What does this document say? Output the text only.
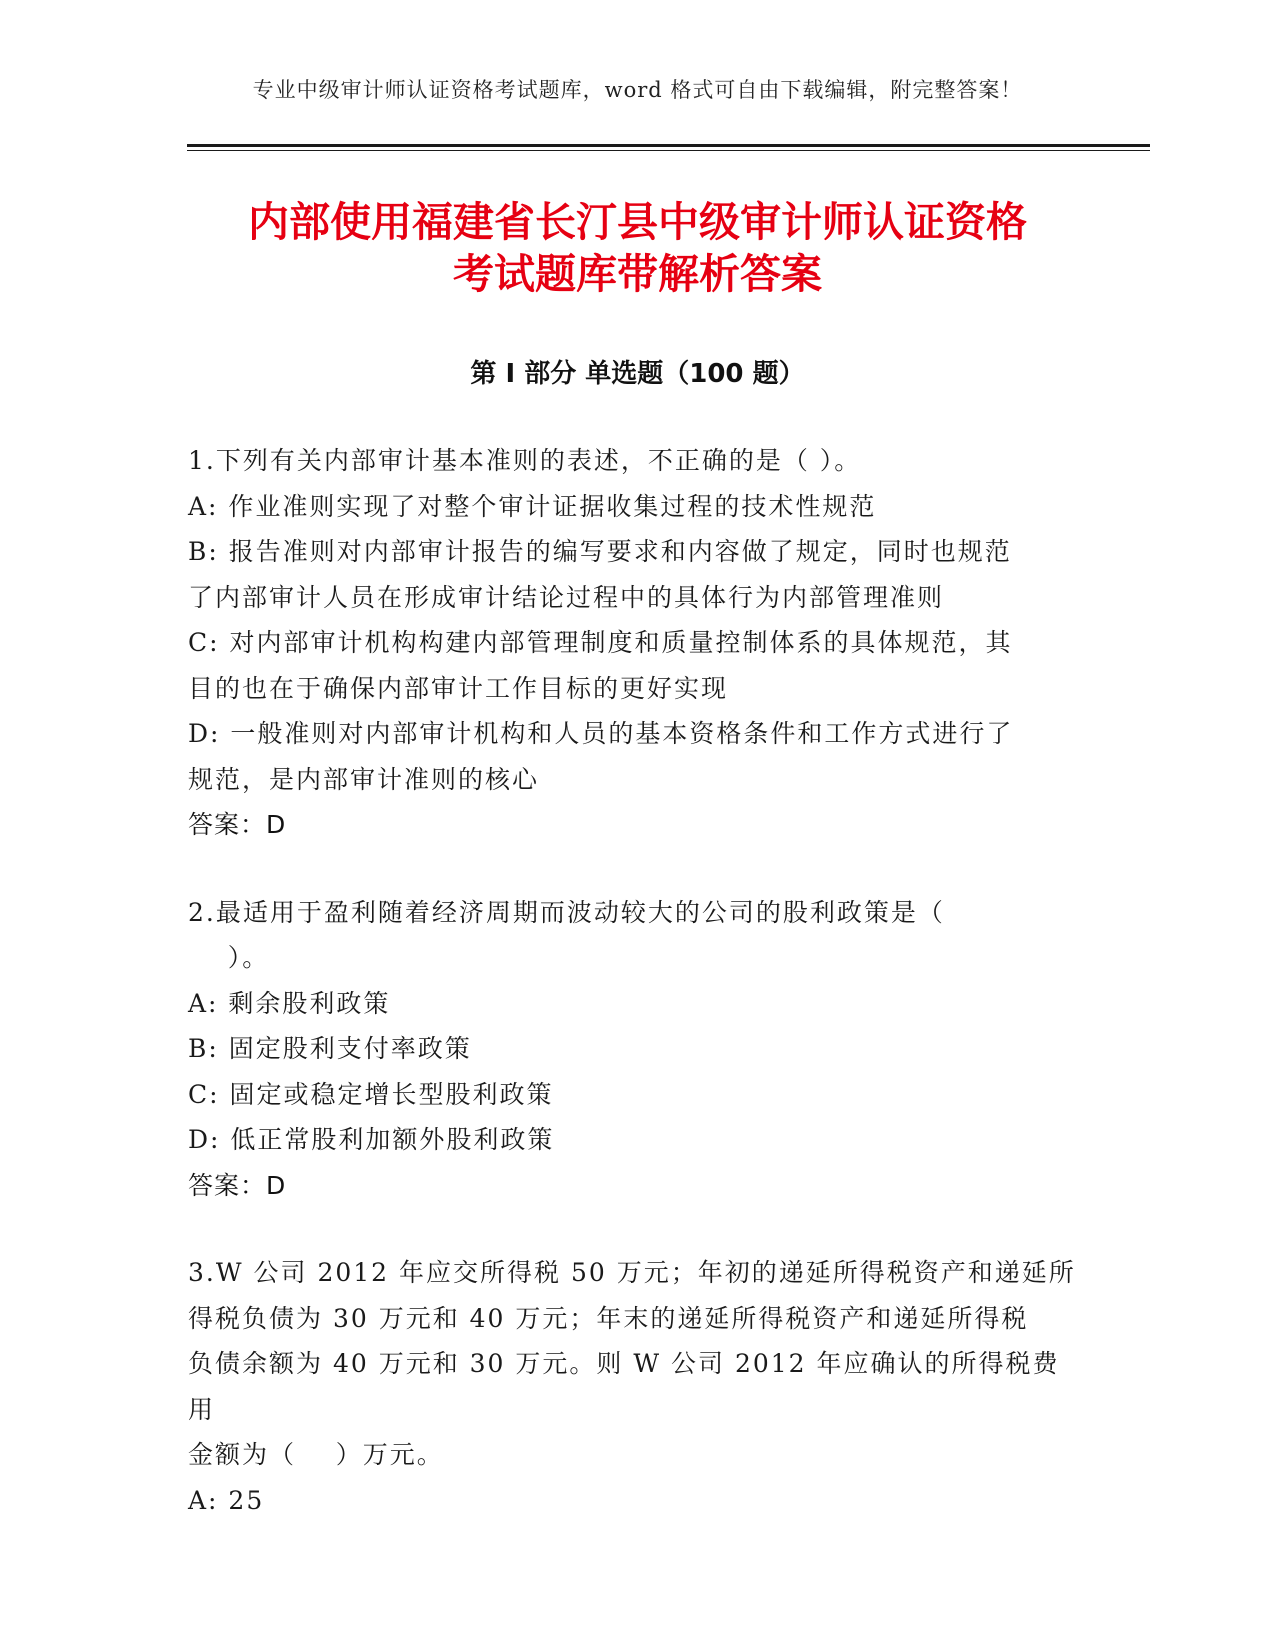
专业中级审计师认证资格考试题库，word 格式可自由下载编辑，附完整答案！
内部使用福建省长汀县中级审计师认证资格
考试题库带解析答案
第 I 部分 单选题（100 题）
1.下列有关内部审计基本准则的表述，不正确的是（ ）。
A: 作业准则实现了对整个审计证据收集过程的技术性规范
B: 报告准则对内部审计报告的编写要求和内容做了规定，同时也规范
了内部审计人员在形成审计结论过程中的具体行为内部管理准则
C: 对内部审计机构构建内部管理制度和质量控制体系的具体规范，其
目的也在于确保内部审计工作目标的更好实现
D: 一般准则对内部审计机构和人员的基本资格条件和工作方式进行了
规范，是内部审计准则的核心
答案：D
2.最适用于盈利随着经济周期而波动较大的公司的股利政策是（
）。
A: 剩余股利政策
B: 固定股利支付率政策
C: 固定或稳定增长型股利政策
D: 低正常股利加额外股利政策
答案：D
3.W 公司 2012 年应交所得税 50 万元；年初的递延所得税资产和递延所
得税负债为 30 万元和 40 万元；年末的递延所得税资产和递延所得税
负债余额为 40 万元和 30 万元。则 W 公司 2012 年应确认的所得税费用
金额为（    ）万元。
A: 25
